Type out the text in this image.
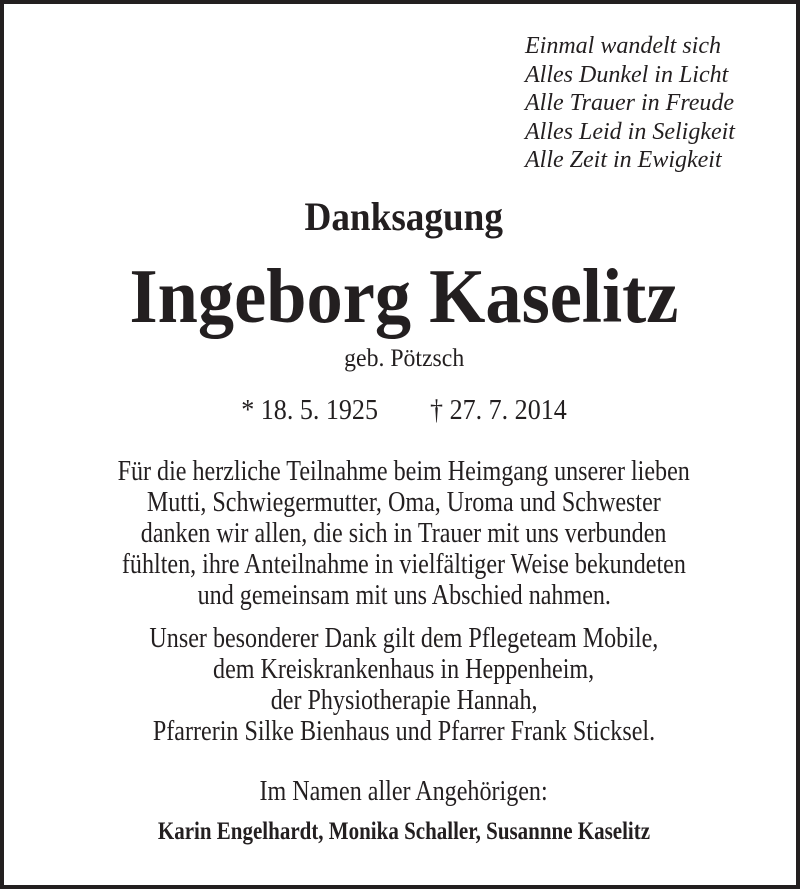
Einmal wandelt sich
Alles Dunkel in Licht
Alle Trauer in Freude
Alles Leid in Seligkeit
Alle Zeit in Ewigkeit
Danksagung
Ingeborg Kaselitz
geb. Pötzsch
* 18. 5. 1925 † 27. 7. 2014
Für die herzliche Teilnahme beim Heimgang unserer lieben
Mutti, Schwiegermutter, Oma, Uroma und Schwester
danken wir allen, die sich in Trauer mit uns verbunden
fühlten, ihre Anteilnahme in vielfältiger Weise bekundeten
und gemeinsam mit uns Abschied nahmen.
Unser besonderer Dank gilt dem Pflegeteam Mobile,
dem Kreiskrankenhaus in Heppenheim,
der Physiotherapie Hannah,
Pfarrerin Silke Bienhaus und Pfarrer Frank Sticksel.
Im Namen aller Angehörigen:
Karin Engelhardt, Monika Schaller, Susannne Kaselitz
